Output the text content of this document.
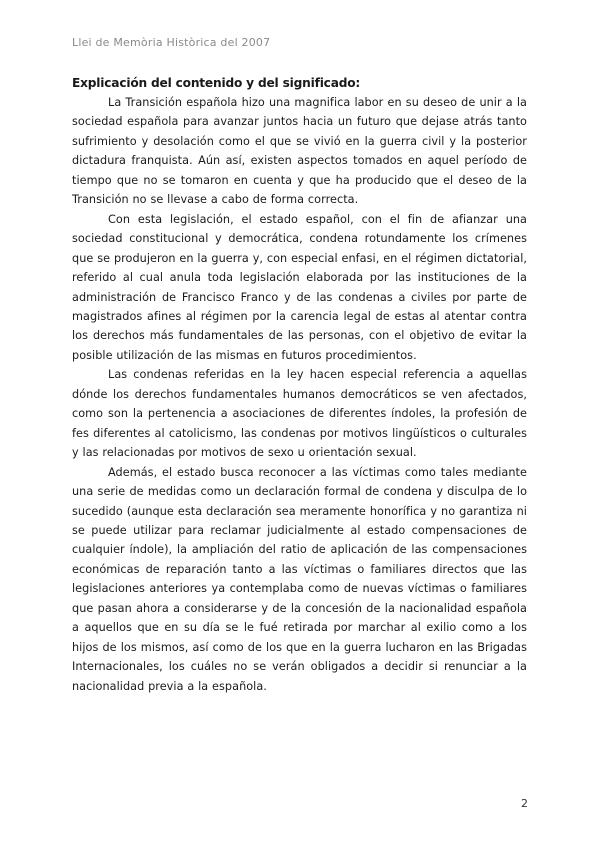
Llei de Memòria Històrica del 2007

Explicación del contenido y del significado:

La Transición española hizo una magnifica labor en su deseo de unir a la sociedad española para avanzar juntos hacia un futuro que dejase atrás tanto sufrimiento y desolación como el que se vivió en la guerra civil y la posterior dictadura franquista. Aún así, existen aspectos tomados en aquel período de tiempo que no se tomaron en cuenta y que ha producido que el deseo de la Transición no se llevase a cabo de forma correcta.

Con esta legislación, el estado español, con el fin de afianzar una sociedad constitucional y democrática, condena rotundamente los crímenes que se produjeron en la guerra y, con especial enfasi, en el régimen dictatorial, referido al cual anula toda legislación elaborada por las instituciones de la administración de Francisco Franco y de las condenas a civiles por parte de magistrados afines al régimen por la carencia legal de estas al atentar contra los derechos más fundamentales de las personas, con el objetivo de evitar la posible utilización de las mismas en futuros procedimientos.

Las condenas referidas en la ley hacen especial referencia a aquellas dónde los derechos fundamentales humanos democráticos se ven afectados, como son la pertenencia a asociaciones de diferentes índoles, la profesión de fes diferentes al catolicismo, las condenas por motivos lingüísticos o culturales y las relacionadas por motivos de sexo u orientación sexual.

Además, el estado busca reconocer a las víctimas como tales mediante una serie de medidas como un declaración formal de condena y disculpa de lo sucedido (aunque esta declaración sea meramente honorífica y no garantiza ni se puede utilizar para reclamar judicialmente al estado compensaciones de cualquier índole), la ampliación del ratio de aplicación de las compensaciones económicas de reparación tanto a las víctimas o familiares directos que las legislaciones anteriores ya contemplaba como de nuevas víctimas o familiares que pasan ahora a considerarse y de la concesión de la nacionalidad española a aquellos que en su día se le fué retirada por marchar al exilio como a los hijos de los mismos, así como de los que en la guerra lucharon en las Brigadas Internacionales, los cuáles no se verán obligados a decidir si renunciar a la nacionalidad previa a la española.

2
